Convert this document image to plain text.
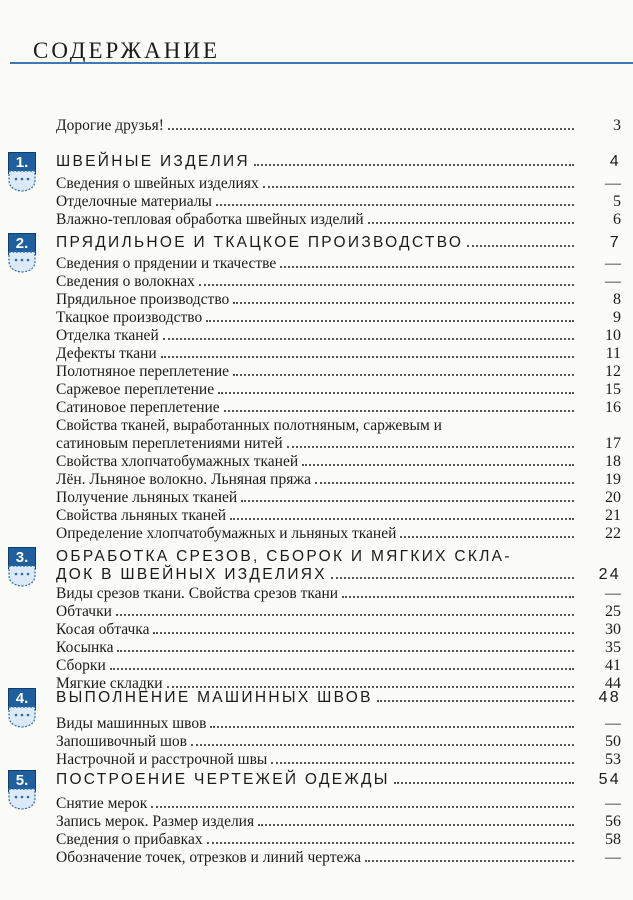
СОДЕРЖАНИЕ
Дорогие друзья!	3
1.	ШВЕЙНЫЕ ИЗДЕЛИЯ	4
Сведения о швейных изделиях	—
Отделочные материалы	5
Влажно-тепловая обработка швейных изделий	6
2.	ПРЯДИЛЬНОЕ И ТКАЦКОЕ ПРОИЗВОДСТВО	7
Сведения о прядении и ткачестве	—
Сведения о волокнах	—
Прядильное производство	8
Ткацкое производство	9
Отделка тканей	10
Дефекты ткани	11
Полотняное переплетение	12
Саржевое переплетение	15
Сатиновое переплетение	16
Свойства тканей, выработанных полотняным, саржевым и
сатиновым переплетениями нитей	17
Свойства хлопчатобумажных тканей	18
Лён. Льняное волокно. Льняная пряжа	19
Получение льняных тканей	20
Свойства льняных тканей	21
Определение хлопчатобумажных и льняных тканей	22
3.	ОБРАБОТКА СРЕЗОВ, СБОРОК И МЯГКИХ СКЛА-
ДОК В ШВЕЙНЫХ ИЗДЕЛИЯХ	24
Виды срезов ткани. Свойства срезов ткани	—
Обтачки	25
Косая обтачка	30
Косынка	35
Сборки	41
Мягкие складки	44
4.	ВЫПОЛНЕНИЕ МАШИННЫХ ШВОВ	48
Виды машинных швов	—
Запошивочный шов	50
Настрочной и расстрочной швы	53
5.	ПОСТРОЕНИЕ ЧЕРТЕЖЕЙ ОДЕЖДЫ	54
Снятие мерок	—
Запись мерок. Размер изделия	56
Сведения о прибавках	58
Обозначение точек, отрезков и линий чертежа	—
